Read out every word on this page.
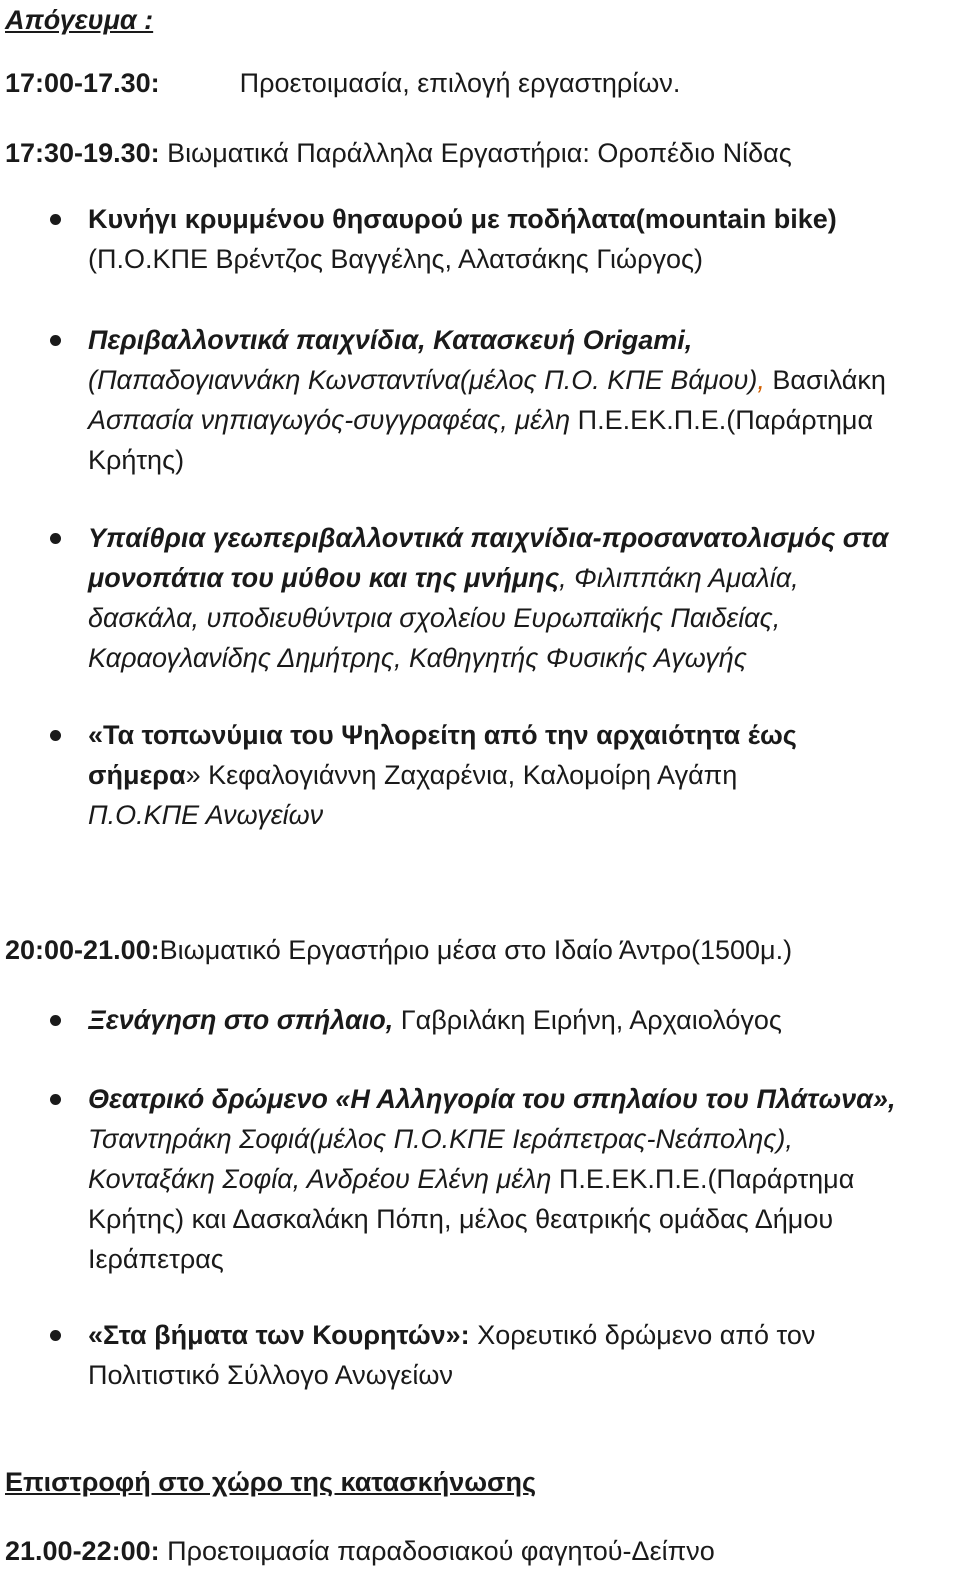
Απόγευμα :
17:00-17.30:	Προετοιμασία, επιλογή εργαστηρίων.
17:30-19.30: Βιωματικά Παράλληλα Εργαστήρια: Οροπέδιο Νίδας
Κυνήγι κρυμμένου θησαυρού με ποδήλατα(mountain bike)
(Π.Ο.ΚΠΕ Βρέντζος Βαγγέλης, Αλατσάκης Γιώργος)
Περιβαλλοντικά παιχνίδια, Κατασκευή Origami,
(Παπαδογιαννάκη Κωνσταντίνα(μέλος Π.Ο. ΚΠΕ Βάμου), Βασιλάκη
Ασπασία νηπιαγωγός-συγγραφέας, μέλη Π.Ε.ΕΚ.Π.Ε.(Παράρτημα
Κρήτης)
Υπαίθρια γεωπεριβαλλοντικά παιχνίδια-προσανατολισμός στα
μονοπάτια του μύθου και της μνήμης, Φιλιππάκη Αμαλία,
δασκάλα, υποδιευθύντρια σχολείου Ευρωπαϊκής Παιδείας,
Καραογλανίδης Δημήτρης, Καθηγητής Φυσικής Αγωγής
«Τα τοπωνύμια του Ψηλορείτη από την αρχαιότητα έως
σήμερα» Κεφαλογιάννη Ζαχαρένια, Καλομοίρη Αγάπη
Π.Ο.ΚΠΕ Ανωγείων
20:00-21.00:Βιωματικό Εργαστήριο μέσα στο Ιδαίο Άντρο(1500μ.)
Ξενάγηση στο σπήλαιο, Γαβριλάκη Ειρήνη, Αρχαιολόγος
Θεατρικό δρώμενο «Η Αλληγορία του σπηλαίου του Πλάτωνα»,
Τσαντηράκη Σοφιά(μέλος Π.Ο.ΚΠΕ Ιεράπετρας-Νεάπολης),
Κονταξάκη Σοφία, Ανδρέου Ελένη μέλη Π.Ε.ΕΚ.Π.Ε.(Παράρτημα
Κρήτης) και Δασκαλάκη Πόπη, μέλος θεατρικής ομάδας Δήμου
Ιεράπετρας
«Στα βήματα των Κουρητών»: Χορευτικό δρώμενο από τον
Πολιτιστικό Σύλλογο Ανωγείων
Επιστροφή στο χώρο της κατασκήνωσης
21.00-22:00: Προετοιμασία παραδοσιακού φαγητού-Δείπνο
